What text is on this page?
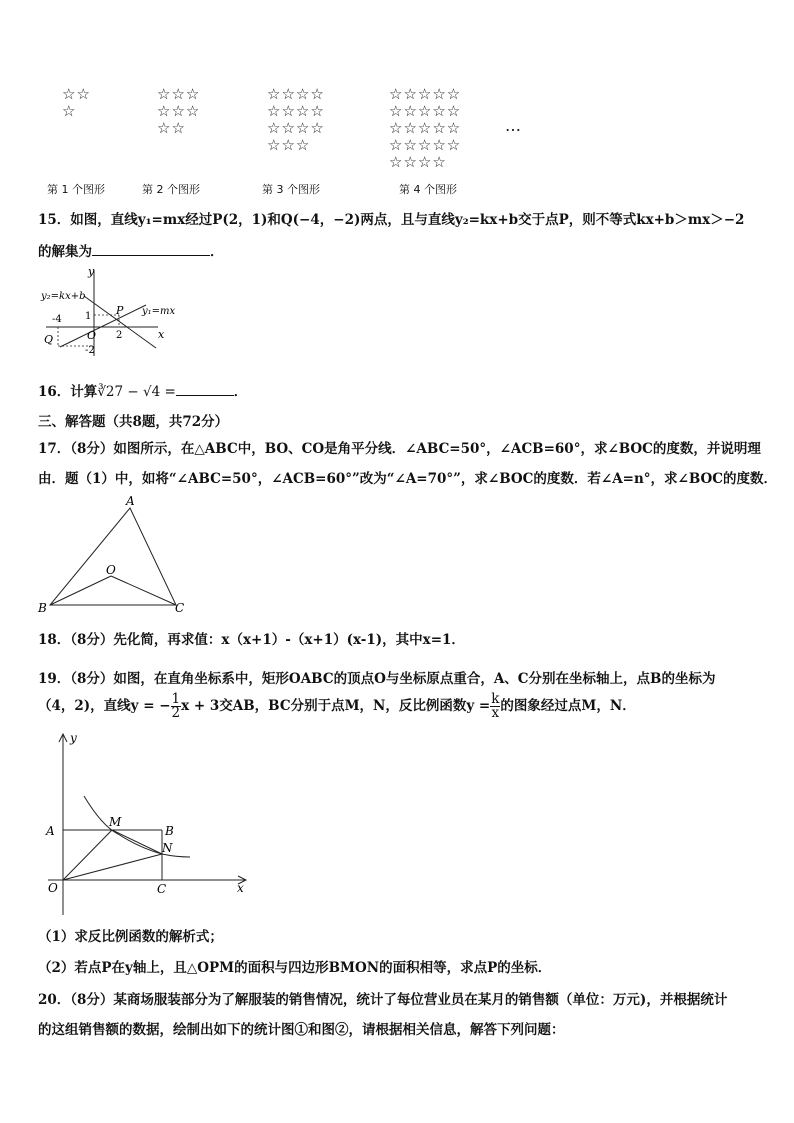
☆☆
☆
☆☆☆
☆☆☆
☆☆
☆☆☆☆
☆☆☆☆
☆☆☆☆
☆☆☆
☆☆☆☆☆
☆☆☆☆☆
☆☆☆☆☆
☆☆☆☆☆
☆☆☆☆
…
第 1 个图形	第 2 个图形	第 3 个图形	第 4 个图形
15．如图，直线y₁=mx经过P(2，1)和Q(−4，−2)两点，且与直线y₂=kx+b交于点P，则不等式kx+b＞mx＞−2
的解集为	．
y
x
y₂=kx+b
y₁=mx
P
O
Q
-4 1
2
-2
16．计算∛27 − √4 =	．
三、解答题（共8题，共72分）
17．（8分）如图所示，在△ABC中，BO、CO是角平分线．∠ABC=50°，∠ACB=60°，求∠BOC的度数，并说明理
由．题（1）中，如将“∠ABC=50°，∠ACB=60°”改为“∠A=70°”，求∠BOC的度数．若∠A=n°，求∠BOC的度数．
A
B	C
O
18．（8分）先化简，再求值：x（x+1）-（x+1）(x-1)，其中x=1．
19．（8分）如图，在直角坐标系中，矩形OABC的顶点O与坐标原点重合，A、C分别在坐标轴上，点B的坐标为
（4，2)，直线y = − $\frac{1}{2}$ x + 3交AB，BC分别于点M，N，反比例函数$y = \frac{k}{x}$ 的图象经过点M，N．
y
x
A	B
M
N
O	C
（1）求反比例函数的解析式；
（2）若点P在y轴上，且△OPM的面积与四边形BMON的面积相等，求点P的坐标．
20．（8分）某商场服装部分为了解服装的销售情况，统计了每位营业员在某月的销售额（单位：万元)，并根据统计
的这组销售额的数据，绘制出如下的统计图①和图②，请根据相关信息，解答下列问题：
